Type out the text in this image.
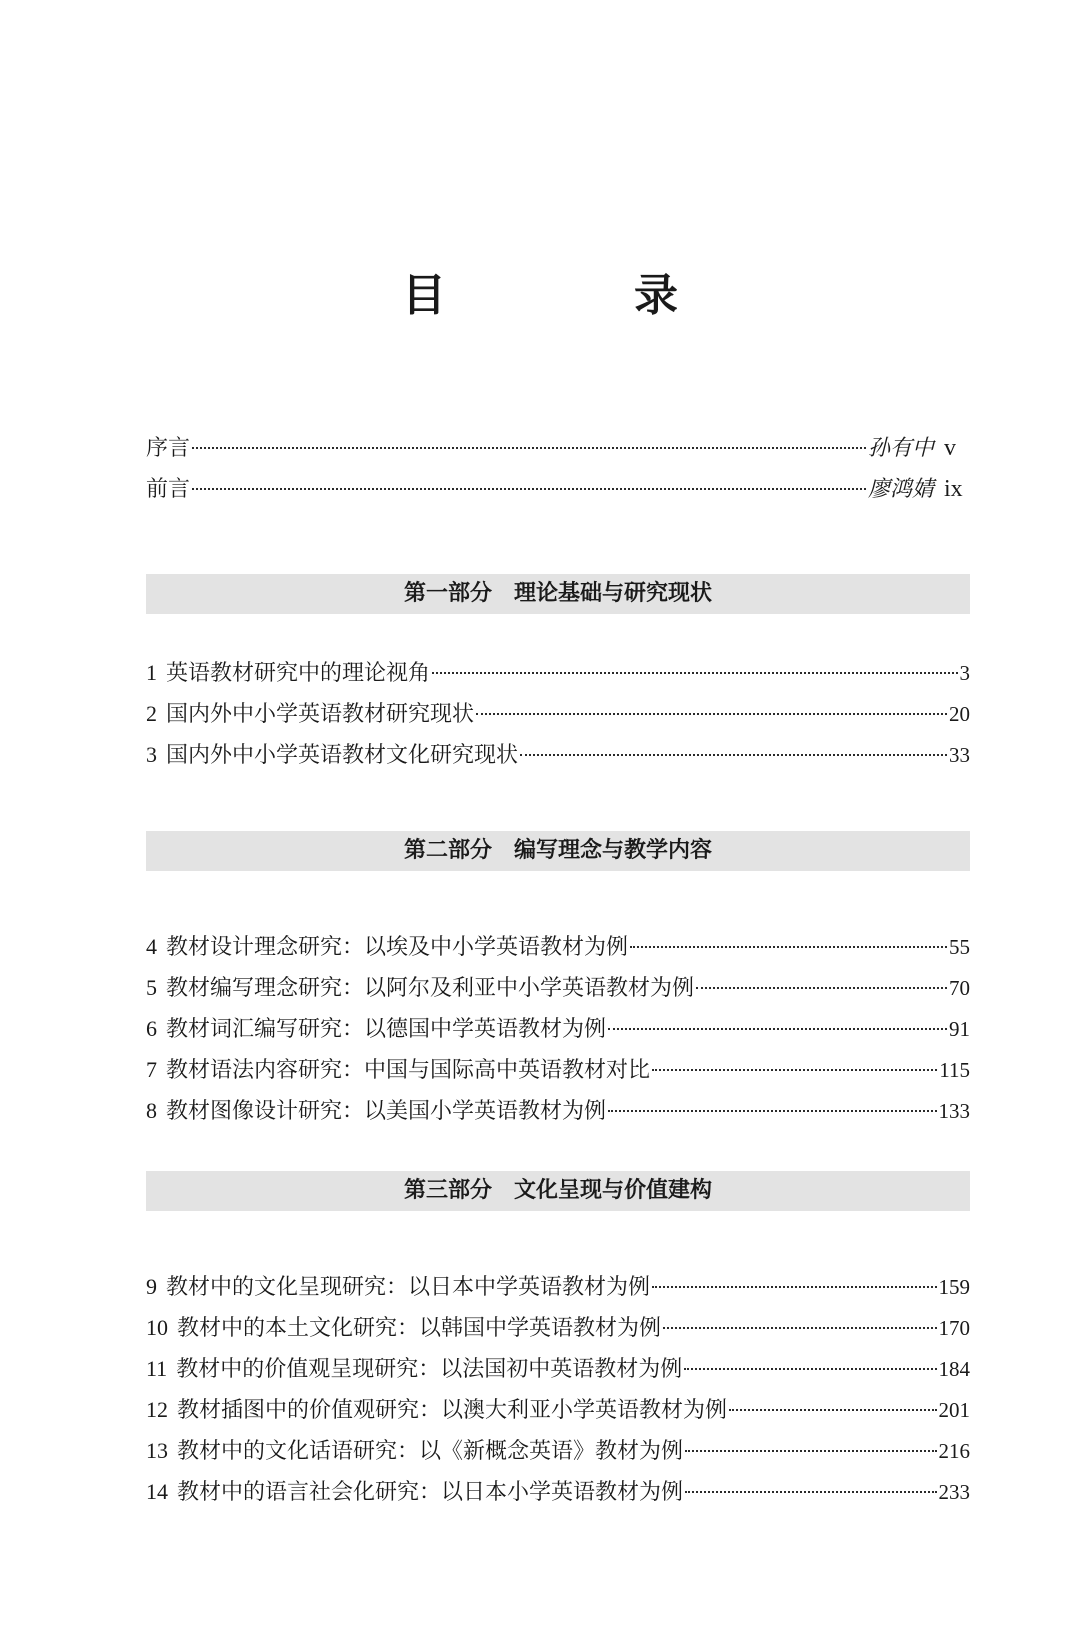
目　录
序言	孙有中 v
前言	廖鸿婧 ix
第一部分　理论基础与研究现状
1 英语教材研究中的理论视角	3
2 国内外中小学英语教材研究现状	20
3 国内外中小学英语教材文化研究现状	33
第二部分　编写理念与教学内容
4 教材设计理念研究：以埃及中小学英语教材为例	55
5 教材编写理念研究：以阿尔及利亚中小学英语教材为例	70
6 教材词汇编写研究：以德国中学英语教材为例	91
7 教材语法内容研究：中国与国际高中英语教材对比	115
8 教材图像设计研究：以美国小学英语教材为例	133
第三部分　文化呈现与价值建构
9 教材中的文化呈现研究：以日本中学英语教材为例	159
10 教材中的本土文化研究：以韩国中学英语教材为例	170
11 教材中的价值观呈现研究：以法国初中英语教材为例	184
12 教材插图中的价值观研究：以澳大利亚小学英语教材为例	201
13 教材中的文化话语研究：以《新概念英语》教材为例	216
14 教材中的语言社会化研究：以日本小学英语教材为例	233
